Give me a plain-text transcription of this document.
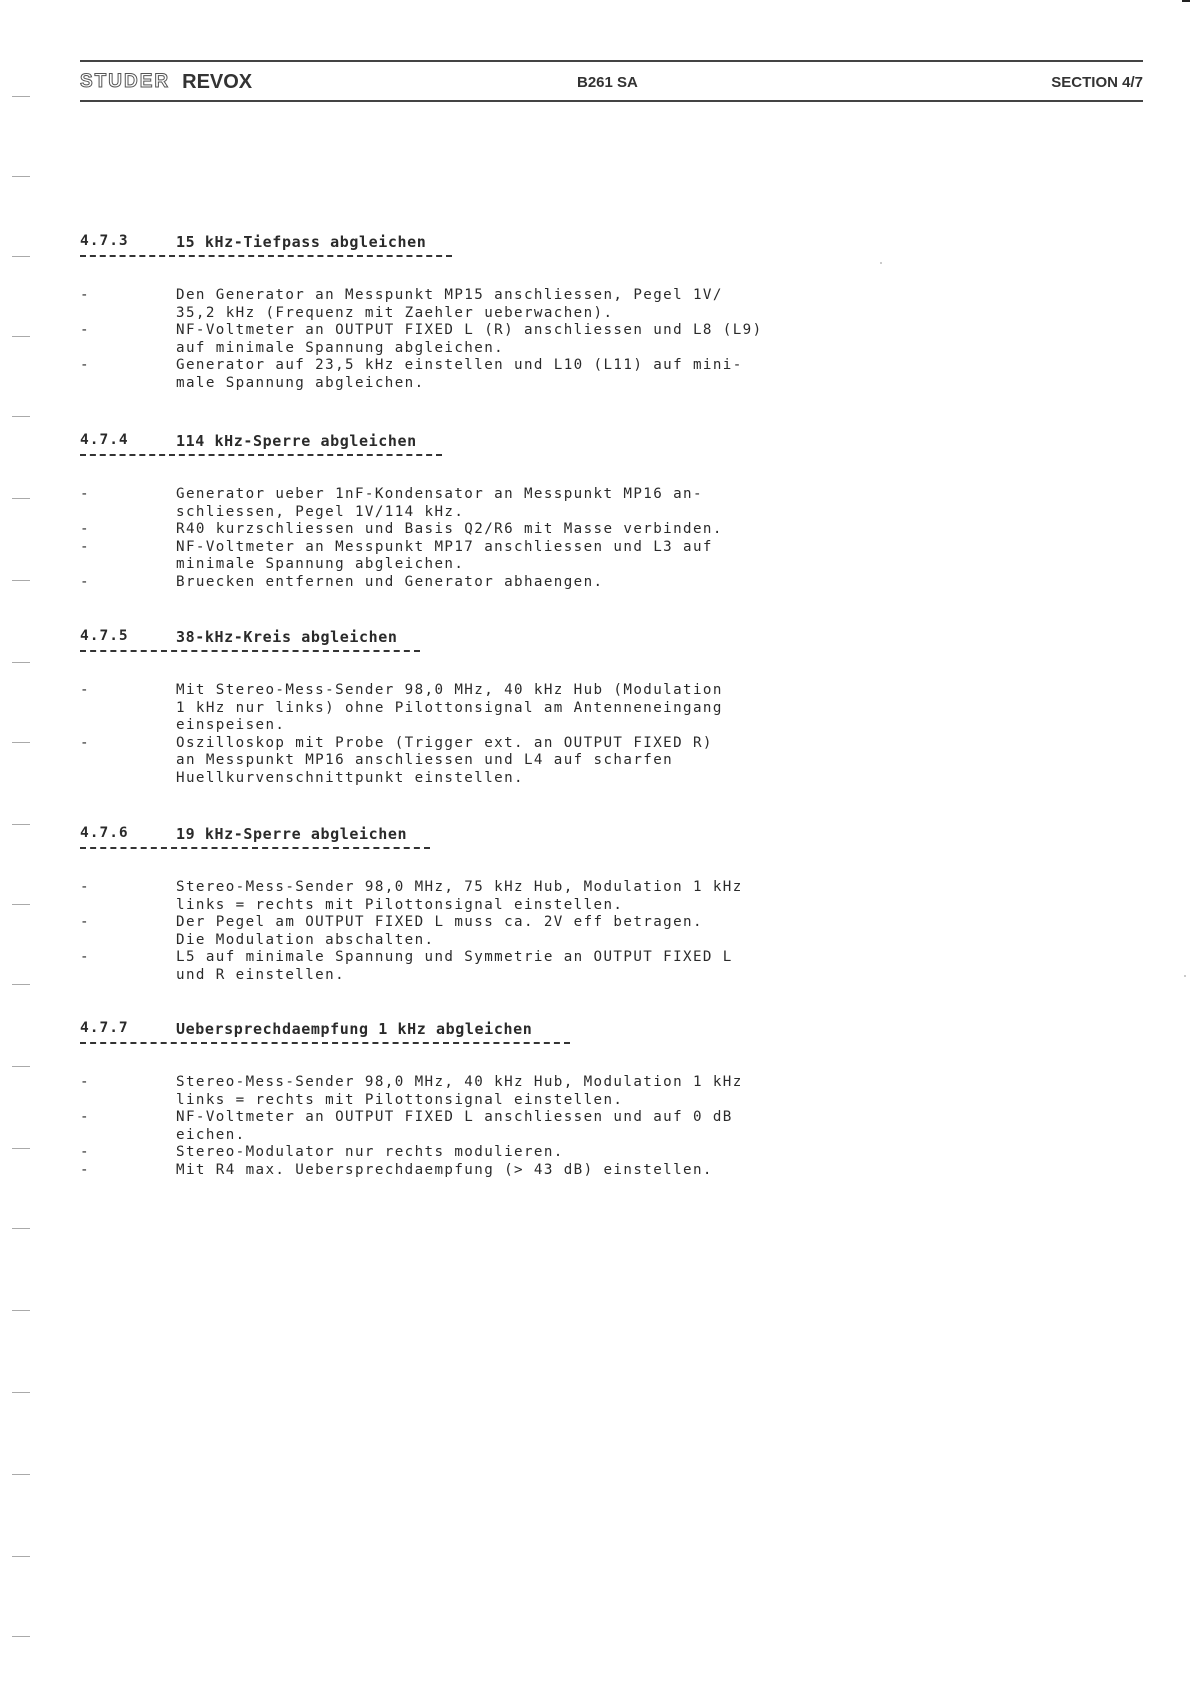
STUDER REVOX	B261 SA	SECTION 4/7
4.7.3	15 kHz-Tiefpass abgleichen
-	Den Generator an Messpunkt MP15 anschliessen, Pegel 1V/
35,2 kHz (Frequenz mit Zaehler ueberwachen).
-	NF-Voltmeter an OUTPUT FIXED L (R) anschliessen und L8 (L9)
auf minimale Spannung abgleichen.
-	Generator auf 23,5 kHz einstellen und L10 (L11) auf mini-
male Spannung abgleichen.
4.7.4	114 kHz-Sperre abgleichen
-	Generator ueber 1nF-Kondensator an Messpunkt MP16 an-
schliessen, Pegel 1V/114 kHz.
-	R40 kurzschliessen und Basis Q2/R6 mit Masse verbinden.
-	NF-Voltmeter an Messpunkt MP17 anschliessen und L3 auf
minimale Spannung abgleichen.
-	Bruecken entfernen und Generator abhaengen.
4.7.5	38-kHz-Kreis abgleichen
-	Mit Stereo-Mess-Sender 98,0 MHz, 40 kHz Hub (Modulation
1 kHz nur links) ohne Pilottonsignal am Antenneneingang
einspeisen.
-	Oszilloskop mit Probe (Trigger ext. an OUTPUT FIXED R)
an Messpunkt MP16 anschliessen und L4 auf scharfen
Huellkurvenschnittpunkt einstellen.
4.7.6	19 kHz-Sperre abgleichen
-	Stereo-Mess-Sender 98,0 MHz, 75 kHz Hub, Modulation 1 kHz
links = rechts mit Pilottonsignal einstellen.
-	Der Pegel am OUTPUT FIXED L muss ca. 2V eff betragen.
Die Modulation abschalten.
-	L5 auf minimale Spannung und Symmetrie an OUTPUT FIXED L
und R einstellen.
4.7.7	Uebersprechdaempfung 1 kHz abgleichen
-	Stereo-Mess-Sender 98,0 MHz, 40 kHz Hub, Modulation 1 kHz
links = rechts mit Pilottonsignal einstellen.
-	NF-Voltmeter an OUTPUT FIXED L anschliessen und auf 0 dB
eichen.
-	Stereo-Modulator nur rechts modulieren.
-	Mit R4 max. Uebersprechdaempfung (> 43 dB) einstellen.
